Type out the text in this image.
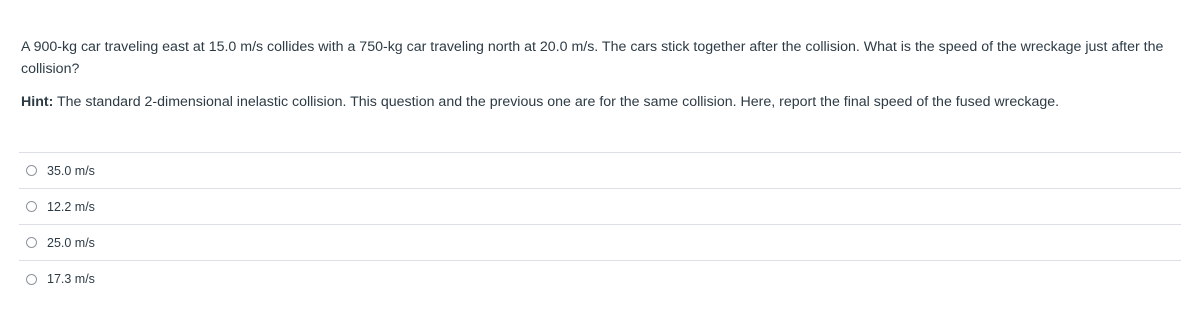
A 900-kg car traveling east at 15.0 m/s collides with a 750-kg car traveling north at 20.0 m/s. The cars stick together after the collision. What is the speed of the wreckage just after the collision?

Hint: The standard 2-dimensional inelastic collision. This question and the previous one are for the same collision. Here, report the final speed of the fused wreckage.

35.0 m/s
12.2 m/s
25.0 m/s
17.3 m/s
